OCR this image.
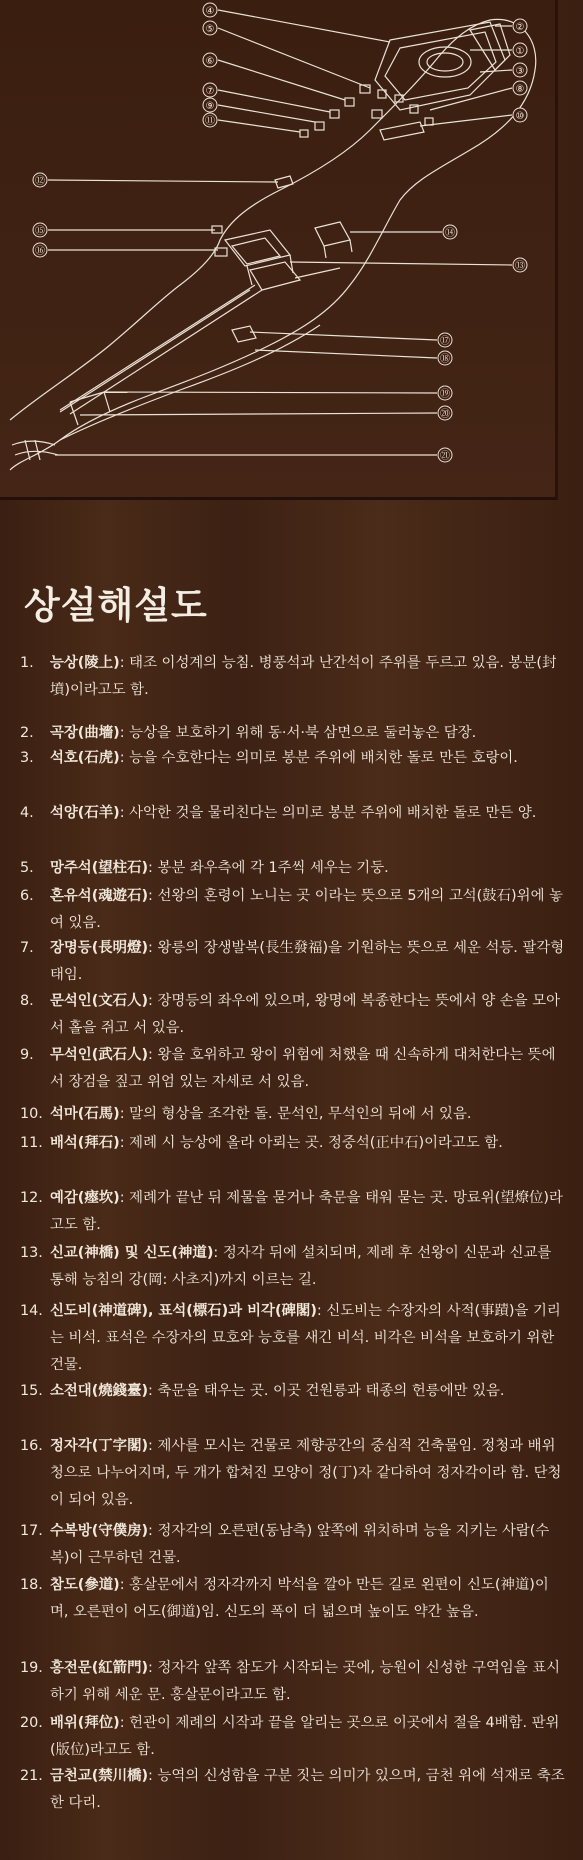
①
②
③
④
⑤
⑥
⑦	⑧
⑨
⑩
⑪
⑫
⑬
⑭
⑮
⑯
⑰
⑱
⑲
⑳
㉑
상설해설도
1.	능상(陵上): 태조 이성계의 능침. 병풍석과 난간석이 주위를 두르고 있음. 봉분(封墳)이라고도 함.
2.	곡장(曲墻): 능상을 보호하기 위해 동·서·북 삼면으로 둘러놓은 담장.
3.	석호(石虎): 능을 수호한다는 의미로 봉분 주위에 배치한 돌로 만든 호랑이.
4.	석양(石羊): 사악한 것을 물리친다는 의미로 봉분 주위에 배치한 돌로 만든 양.
5.	망주석(望柱石): 봉분 좌우측에 각 1주씩 세우는 기둥.
6.	혼유석(魂遊石): 선왕의 혼령이 노니는 곳 이라는 뜻으로 5개의 고석(鼓石)위에 놓여 있음.
7.	장명등(長明燈): 왕릉의 장생발복(長生發福)을 기원하는 뜻으로 세운 석등. 팔각형태임.
8.	문석인(文石人): 장명등의 좌우에 있으며, 왕명에 복종한다는 뜻에서 양 손을 모아서 홀을 쥐고 서 있음.
9.	무석인(武石人): 왕을 호위하고 왕이 위험에 처했을 때 신속하게 대처한다는 뜻에서 장검을 짚고 위엄 있는 자세로 서 있음.
10. 석마(石馬): 말의 형상을 조각한 돌. 문석인, 무석인의 뒤에 서 있음.
11. 배석(拜石): 제례 시 능상에 올라 아뢰는 곳. 정중석(正中石)이라고도 함.
12. 예감(瘞坎): 제례가 끝난 뒤 제물을 묻거나 축문을 태워 묻는 곳. 망료위(望燎位)라고도 함.
13. 신교(神橋) 및 신도(神道): 정자각 뒤에 설치되며, 제례 후 선왕이 신문과 신교를 통해 능침의 강(岡: 사초지)까지 이르는 길.
14. 신도비(神道碑), 표석(標石)과 비각(碑閣): 신도비는 수장자의 사적(事蹟)을 기리는 비석. 표석은 수장자의 묘호와 능호를 새긴 비석. 비각은 비석을 보호하기 위한 건물.
15. 소전대(燒錢臺): 축문을 태우는 곳. 이곳 건원릉과 태종의 헌릉에만 있음.
16. 정자각(丁字閣): 제사를 모시는 건물로 제향공간의 중심적 건축물임. 정청과 배위청으로 나누어지며, 두 개가 합쳐진 모양이 정(丁)자 같다하여 정자각이라 함. 단청이 되어 있음.
17. 수복방(守僕房): 정자각의 오른편(동남측) 앞쪽에 위치하며 능을 지키는 사람(수복)이 근무하던 건물.
18. 참도(參道): 홍살문에서 정자각까지 박석을 깔아 만든 길로 왼편이 신도(神道)이며, 오른편이 어도(御道)임. 신도의 폭이 더 넓으며 높이도 약간 높음.
19. 홍전문(紅箭門): 정자각 앞쪽 참도가 시작되는 곳에, 능원이 신성한 구역임을 표시하기 위해 세운 문. 홍살문이라고도 함.
20. 배위(拜位): 헌관이 제례의 시작과 끝을 알리는 곳으로 이곳에서 절을 4배함. 판위(版位)라고도 함.
21. 금천교(禁川橋): 능역의 신성함을 구분 짓는 의미가 있으며, 금천 위에 석재로 축조한 다리.
